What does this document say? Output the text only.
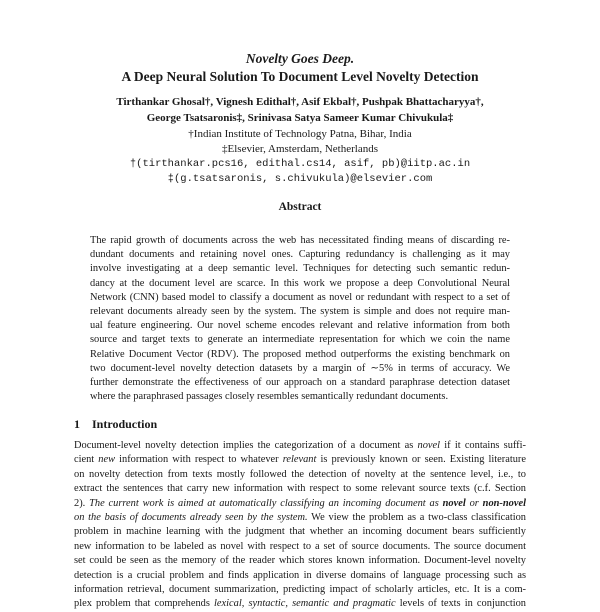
Novelty Goes Deep.
A Deep Neural Solution To Document Level Novelty Detection
Tirthankar Ghosal†, Vignesh Edithal†, Asif Ekbal†, Pushpak Bhattacharyya†,
George Tsatsaronis‡, Srinivasa Satya Sameer Kumar Chivukula‡
†Indian Institute of Technology Patna, Bihar, India
‡Elsevier, Amsterdam, Netherlands
†(tirthankar.pcs16, edithal.cs14, asif, pb)@iitp.ac.in
‡(g.tsatsaronis, s.chivukula)@elsevier.com
Abstract
The rapid growth of documents across the web has necessitated finding means of discarding re-
dundant documents and retaining novel ones. Capturing redundancy is challenging as it may
involve investigating at a deep semantic level. Techniques for detecting such semantic redun-
dancy at the document level are scarce. In this work we propose a deep Convolutional Neural
Network (CNN) based model to classify a document as novel or redundant with respect to a set of
relevant documents already seen by the system. The system is simple and does not require man-
ual feature engineering. Our novel scheme encodes relevant and relative information from both
source and target texts to generate an intermediate representation for which we coin the name
Relative Document Vector (RDV). The proposed method outperforms the existing benchmark on
two document-level novelty detection datasets by a margin of ∼5% in terms of accuracy. We
further demonstrate the effectiveness of our approach on a standard paraphrase detection dataset
where the paraphrased passages closely resembles semantically redundant documents.
1 Introduction
Document-level novelty detection implies the categorization of a document as novel if it contains suffi-
cient new information with respect to whatever relevant is previously known or seen. Existing literature
on novelty detection from texts mostly followed the detection of novelty at the sentence level, i.e., to
extract the sentences that carry new information with respect to some relevant source texts (c.f. Section
2). The current work is aimed at automatically classifying an incoming document as novel or non-novel
on the basis of documents already seen by the system. We view the problem as a two-class classification
problem in machine learning with the judgment that whether an incoming document bears sufficiently
new information to be labeled as novel with respect to a set of source documents. The source document
set could be seen as the memory of the reader which stores known information. Document-level novelty
detection is a crucial problem and finds application in diverse domains of language processing such as
information retrieval, document summarization, predicting impact of scholarly articles, etc. It is a com-
plex problem that comprehends lexical, syntactic, semantic and pragmatic levels of texts in conjunction
